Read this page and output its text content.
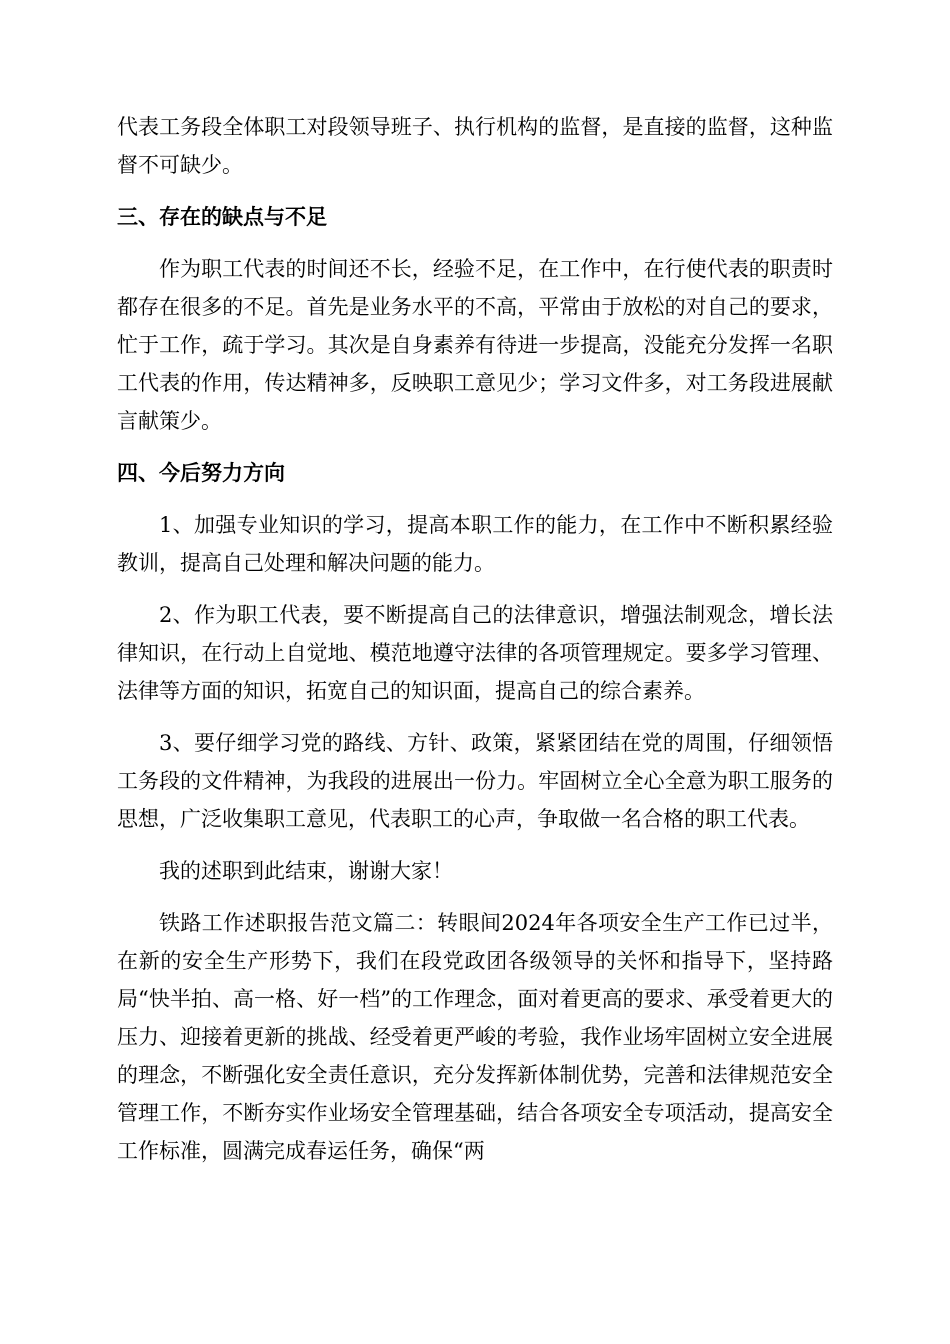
代表工务段全体职工对段领导班子、执行机构的监督，是直接的监督，这种监督不可缺少。

三、存在的缺点与不足

作为职工代表的时间还不长，经验不足，在工作中，在行使代表的职责时都存在很多的不足。首先是业务水平的不高，平常由于放松的对自己的要求，忙于工作，疏于学习。其次是自身素养有待进一步提高，没能充分发挥一名职工代表的作用，传达精神多，反映职工意见少；学习文件多，对工务段进展献言献策少。

四、今后努力方向

1、加强专业知识的学习，提高本职工作的能力，在工作中不断积累经验教训，提高自己处理和解决问题的能力。

2、作为职工代表，要不断提高自己的法律意识，增强法制观念，增长法律知识，在行动上自觉地、模范地遵守法律的各项管理规定。要多学习管理、法律等方面的知识，拓宽自己的知识面，提高自己的综合素养。

3、要仔细学习党的路线、方针、政策，紧紧团结在党的周围，仔细领悟工务段的文件精神，为我段的进展出一份力。牢固树立全心全意为职工服务的思想，广泛收集职工意见，代表职工的心声，争取做一名合格的职工代表。

我的述职到此结束，谢谢大家！

铁路工作述职报告范文篇二：转眼间2024年各项安全生产工作已过半，在新的安全生产形势下，我们在段党政团各级领导的关怀和指导下，坚持路局“快半拍、高一格、好一档”的工作理念，面对着更高的要求、承受着更大的压力、迎接着更新的挑战、经受着更严峻的考验，我作业场牢固树立安全进展的理念，不断强化安全责任意识，充分发挥新体制优势，完善和法律规范安全管理工作，不断夯实作业场安全管理基础，结合各项安全专项活动，提高安全工作标准，圆满完成春运任务，确保“两
